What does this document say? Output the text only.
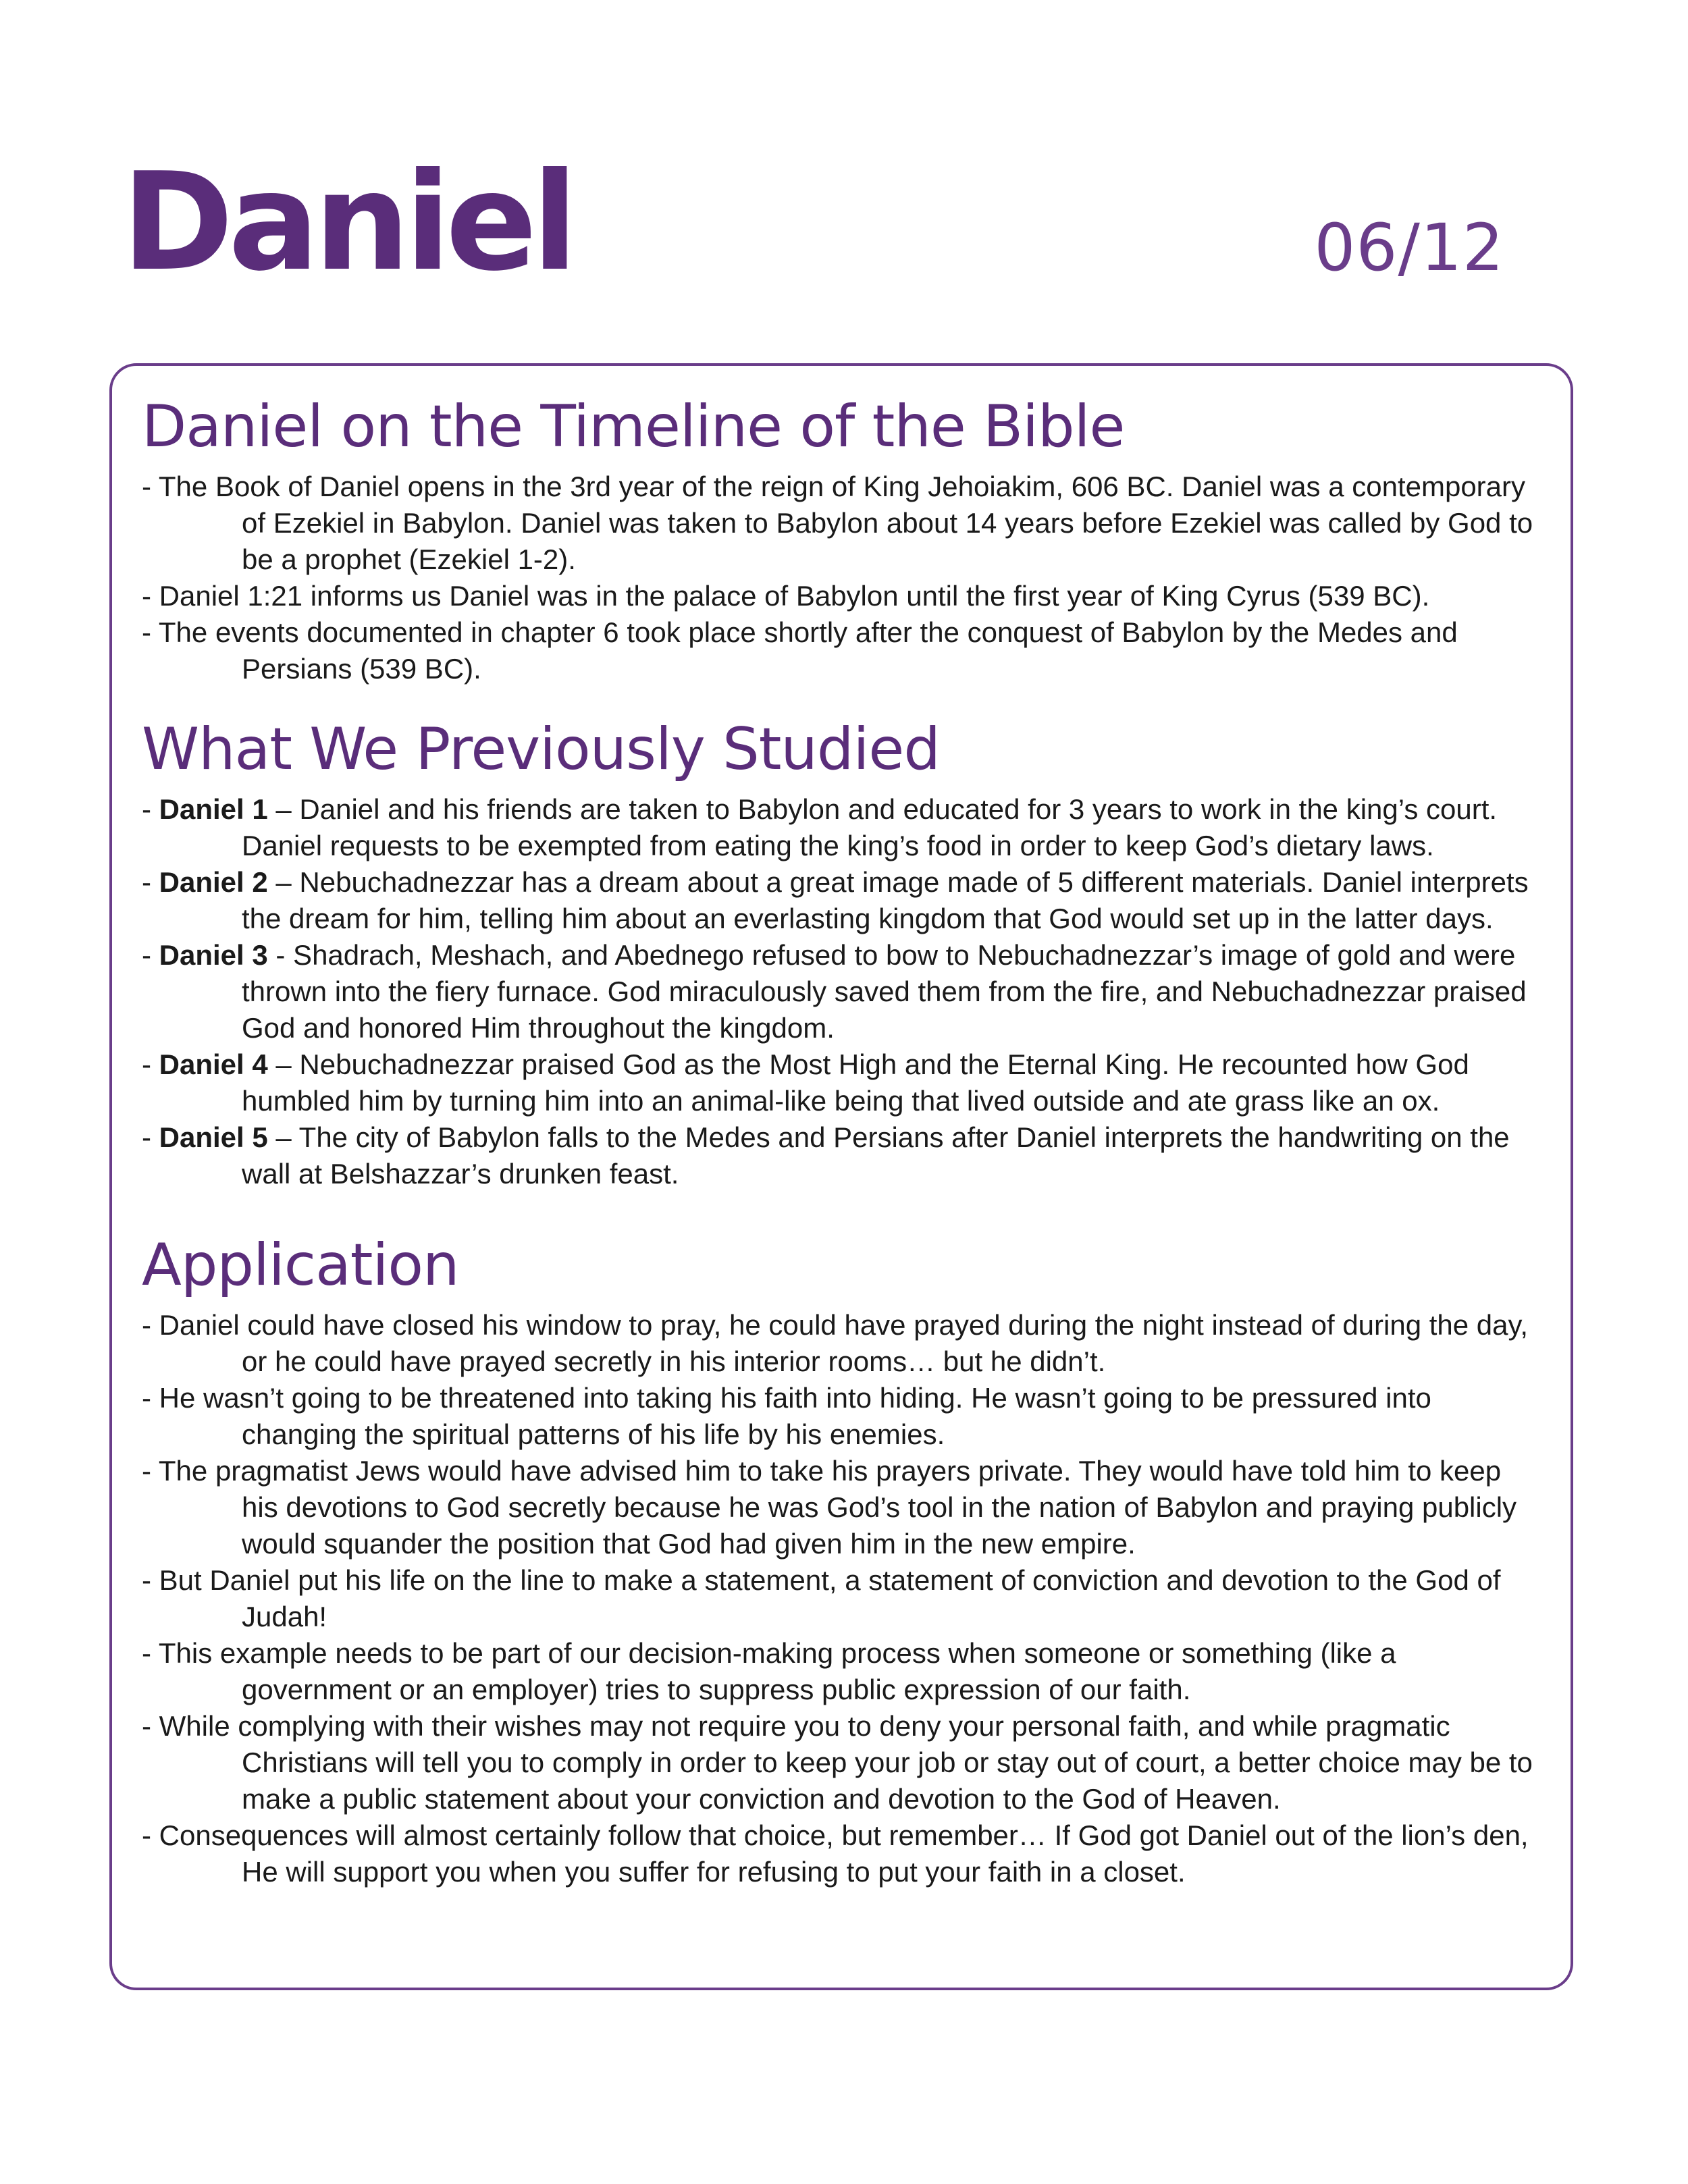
Daniel	06/12
Daniel on the Timeline of the Bible

- The Book of Daniel opens in the 3rd year of the reign of King Jehoiakim, 606 BC. Daniel was a contemporary of Ezekiel in Babylon. Daniel was taken to Babylon about 14 years before Ezekiel was called by God to be a prophet (Ezekiel 1-2).

- Daniel 1:21 informs us Daniel was in the palace of Babylon until the first year of King Cyrus (539 BC).

- The events documented in chapter 6 took place shortly after the conquest of Babylon by the Medes and Persians (539 BC).

What We Previously Studied

- Daniel 1 – Daniel and his friends are taken to Babylon and educated for 3 years to work in the king’s court. Daniel requests to be exempted from eating the king’s food in order to keep God’s dietary laws.

- Daniel 2 – Nebuchadnezzar has a dream about a great image made of 5 different materials. Daniel interprets the dream for him, telling him about an everlasting kingdom that God would set up in the latter days.

- Daniel 3 - Shadrach, Meshach, and Abednego refused to bow to Nebuchadnezzar’s image of gold and were thrown into the fiery furnace. God miraculously saved them from the fire, and Nebuchadnezzar praised God and honored Him throughout the kingdom.

- Daniel 4 – Nebuchadnezzar praised God as the Most High and the Eternal King. He recounted how God humbled him by turning him into an animal-like being that lived outside and ate grass like an ox.

- Daniel 5 – The city of Babylon falls to the Medes and Persians after Daniel interprets the handwriting on the wall at Belshazzar’s drunken feast.

Application

- Daniel could have closed his window to pray, he could have prayed during the night instead of during the day, or he could have prayed secretly in his interior rooms… but he didn’t.

- He wasn’t going to be threatened into taking his faith into hiding. He wasn’t going to be pressured into changing the spiritual patterns of his life by his enemies.

- The pragmatist Jews would have advised him to take his prayers private. They would have told him to keep his devotions to God secretly because he was God’s tool in the nation of Babylon and praying publicly would squander the position that God had given him in the new empire.

- But Daniel put his life on the line to make a statement, a statement of conviction and devotion to the God of Judah!

- This example needs to be part of our decision-making process when someone or something (like a government or an employer) tries to suppress public expression of our faith.

- While complying with their wishes may not require you to deny your personal faith, and while pragmatic Christians will tell you to comply in order to keep your job or stay out of court, a better choice may be to make a public statement about your conviction and devotion to the God of Heaven.

- Consequences will almost certainly follow that choice, but remember… If God got Daniel out of the lion’s den, He will support you when you suffer for refusing to put your faith in a closet.
